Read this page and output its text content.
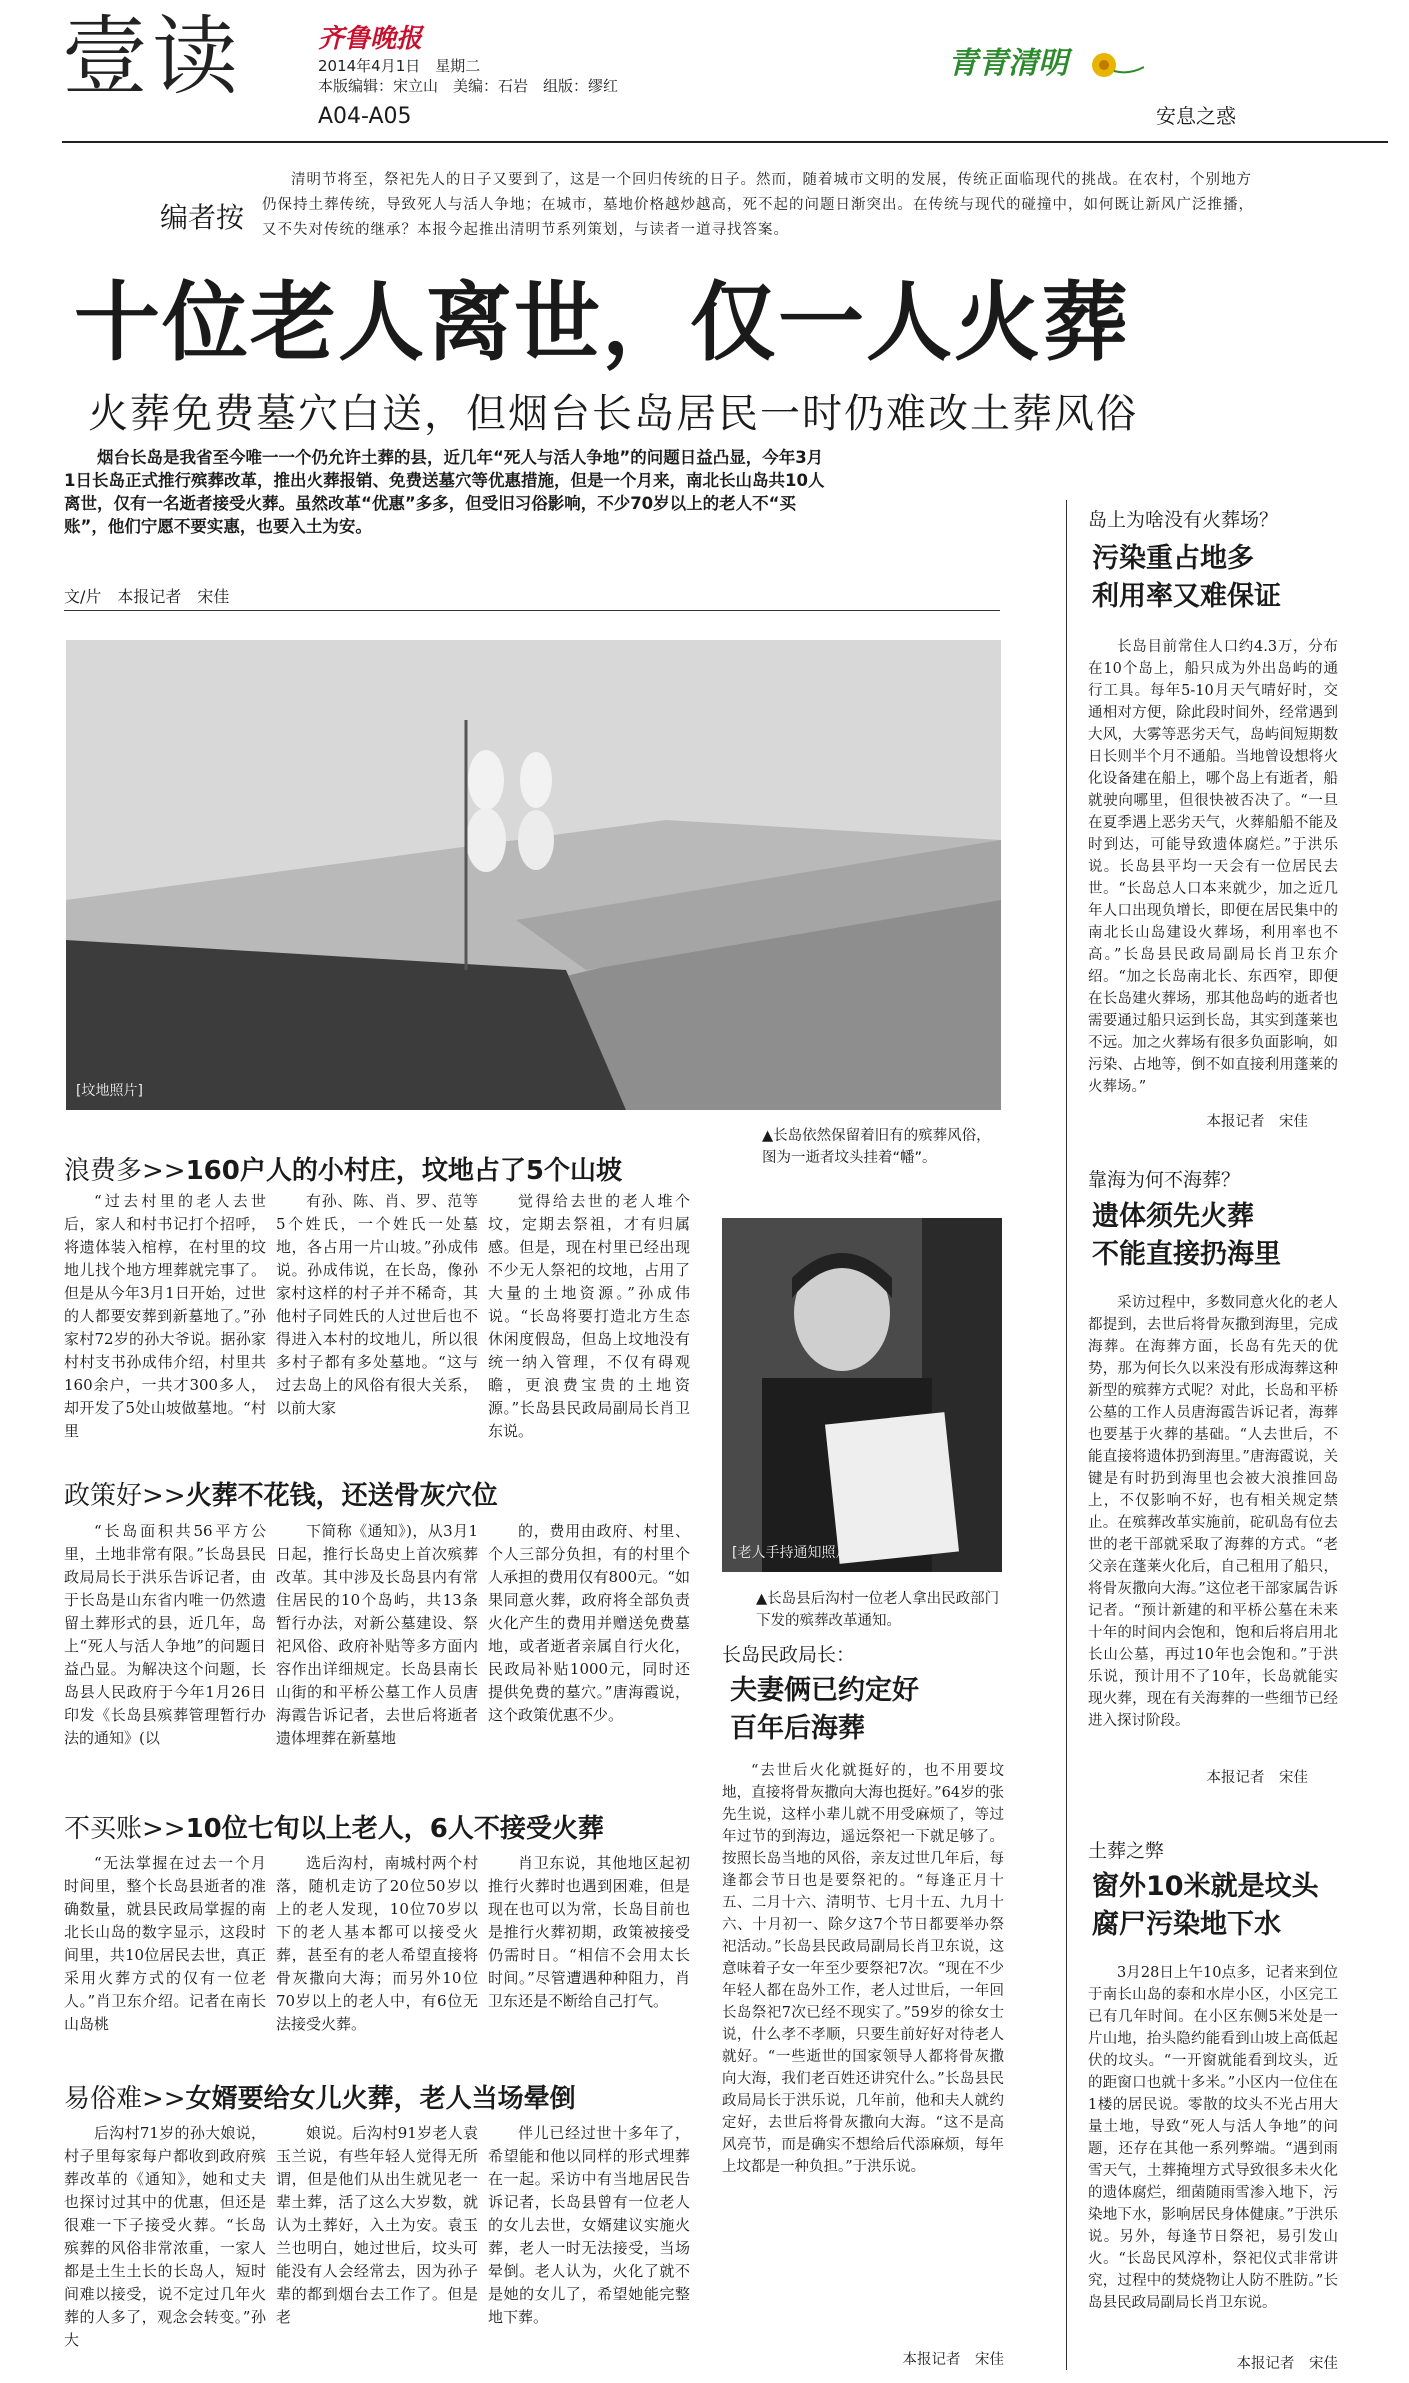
壹读	齐鲁晚报
2014年4月1日　星期二
本版编辑：宋立山　美编：石岩　组版：缪红
A04-A05
青青清明
安息之惑
编者按
清明节将至，祭祀先人的日子又要到了，这是一个回归传统的日子。然而，随着城市文明的发展，传统正面临现代的挑战。在农村，个别地方仍保持土葬传统，导致死人与活人争地；在城市，墓地价格越炒越高，死不起的问题日渐突出。在传统与现代的碰撞中，如何既让新风广泛推播，又不失对传统的继承？本报今起推出清明节系列策划，与读者一道寻找答案。
十位老人离世，仅一人火葬
火葬免费墓穴白送，但烟台长岛居民一时仍难改土葬风俗
烟台长岛是我省至今唯一一个仍允许土葬的县，近几年“死人与活人争地”的问题日益凸显，今年3月1日长岛正式推行殡葬改革，推出火葬报销、免费送墓穴等优惠措施，但是一个月来，南北长山岛共10人离世，仅有一名逝者接受火葬。虽然改革“优惠”多多，但受旧习俗影响，不少70岁以上的老人不“买账”，他们宁愿不要实惠，也要入土为安。
文/片　本报记者　宋佳
[坟地照片]
▲长岛依然保留着旧有的殡葬风俗，图为一逝者坟头挂着“幡”。
[老人手持通知照片]
▲长岛县后沟村一位老人拿出民政部门下发的殡葬改革通知。
浪费多>>160户人的小村庄，坟地占了5个山坡
“过去村里的老人去世后，家人和村书记打个招呼，将遗体装入棺椁，在村里的坟地儿找个地方埋葬就完事了。但是从今年3月1日开始，过世的人都要安葬到新墓地了。”孙家村72岁的孙大爷说。据孙家村村支书孙成伟介绍，村里共160余户，一共才300多人，却开发了5处山坡做墓地。“村里
有孙、陈、肖、罗、范等5个姓氏，一个姓氏一处墓地，各占用一片山坡。”孙成伟说。孙成伟说，在长岛，像孙家村这样的村子并不稀奇，其他村子同姓氏的人过世后也不得进入本村的坟地儿，所以很多村子都有多处墓地。“这与过去岛上的风俗有很大关系，以前大家
觉得给去世的老人堆个坟，定期去祭祖，才有归属感。但是，现在村里已经出现不少无人祭祀的坟地，占用了大量的土地资源。”孙成伟说。“长岛将要打造北方生态休闲度假岛，但岛上坟地没有统一纳入管理，不仅有碍观瞻，更浪费宝贵的土地资源。”长岛县民政局副局长肖卫东说。
政策好>>火葬不花钱，还送骨灰穴位
“长岛面积共56平方公里，土地非常有限。”长岛县民政局局长于洪乐告诉记者，由于长岛是山东省内唯一仍然遗留土葬形式的县，近几年，岛上“死人与活人争地”的问题日益凸显。为解决这个问题，长岛县人民政府于今年1月26日印发《长岛县殡葬管理暂行办法的通知》(以
下简称《通知》)，从3月1日起，推行长岛史上首次殡葬改革。其中涉及长岛县内有常住居民的10个岛屿，共13条暂行办法，对新公墓建设、祭祀风俗、政府补贴等多方面内容作出详细规定。长岛县南长山街的和平桥公墓工作人员唐海霞告诉记者，去世后将逝者遗体埋葬在新墓地
的，费用由政府、村里、个人三部分负担，有的村里个人承担的费用仅有800元。“如果同意火葬，政府将全部负责火化产生的费用并赠送免费墓地，或者逝者亲属自行火化，民政局补贴1000元，同时还提供免费的墓穴。”唐海霞说，这个政策优惠不少。
不买账>>10位七旬以上老人，6人不接受火葬
“无法掌握在过去一个月时间里，整个长岛县逝者的准确数量，就县民政局掌握的南北长山岛的数字显示，这段时间里，共10位居民去世，真正采用火葬方式的仅有一位老人。”肖卫东介绍。记者在南长山岛桃
选后沟村，南城村两个村落，随机走访了20位50岁以上的老人发现，10位70岁以下的老人基本都可以接受火葬，甚至有的老人希望直接将骨灰撒向大海；而另外10位70岁以上的老人中，有6位无法接受火葬。
肖卫东说，其他地区起初推行火葬时也遇到困难，但是现在也可以为常，长岛目前也是推行火葬初期，政策被接受仍需时日。“相信不会用太长时间。”尽管遭遇种种阻力，肖卫东还是不断给自己打气。
易俗难>>女婿要给女儿火葬，老人当场晕倒
后沟村71岁的孙大娘说，村子里每家每户都收到政府殡葬改革的《通知》，她和丈夫也探讨过其中的优惠，但还是很难一下子接受火葬。“长岛殡葬的风俗非常浓重，一家人都是土生土长的长岛人，短时间难以接受，说不定过几年火葬的人多了，观念会转变。”孙大
娘说。后沟村91岁老人袁玉兰说，有些年轻人觉得无所谓，但是他们从出生就见老一辈土葬，活了这么大岁数，就认为土葬好，入土为安。袁玉兰也明白，她过世后，坟头可能没有人会经常去，因为孙子辈的都到烟台去工作了。但是老
伴儿已经过世十多年了，希望能和他以同样的形式埋葬在一起。采访中有当地居民告诉记者，长岛县曾有一位老人的女儿去世，女婿建议实施火葬，老人一时无法接受，当场晕倒。老人认为，火化了就不是她的女儿了，希望她能完整地下葬。
长岛民政局长：
夫妻俩已约定好
百年后海葬
“去世后火化就挺好的，也不用要坟地，直接将骨灰撒向大海也挺好。”64岁的张先生说，这样小辈儿就不用受麻烦了，等过年过节的到海边，遥远祭祀一下就足够了。按照长岛当地的风俗，亲友过世几年后，每逢都会节日也是要祭祀的。“每逢正月十五、二月十六、清明节、七月十五、九月十六、十月初一、除夕这7个节日都要举办祭祀活动。”长岛县民政局副局长肖卫东说，这意味着子女一年至少要祭祀7次。“现在不少年轻人都在岛外工作，老人过世后，一年回长岛祭祀7次已经不现实了。”59岁的徐女士说，什么孝不孝顺，只要生前好好对待老人就好。“一些逝世的国家领导人都将骨灰撒向大海，我们老百姓还讲究什么。”长岛县民政局局长于洪乐说，几年前，他和夫人就约定好，去世后将骨灰撒向大海。“这不是高风亮节，而是确实不想给后代添麻烦，每年上坟都是一种负担。”于洪乐说。
本报记者　宋佳
岛上为啥没有火葬场？
污染重占地多
利用率又难保证
长岛目前常住人口约4.3万，分布在10个岛上，船只成为外出岛屿的通行工具。每年5-10月天气晴好时，交通相对方便，除此段时间外，经常遇到大风，大雾等恶劣天气，岛屿间短期数日长则半个月不通船。当地曾设想将火化设备建在船上，哪个岛上有逝者，船就驶向哪里，但很快被否决了。“一旦在夏季遇上恶劣天气，火葬船船不能及时到达，可能导致遗体腐烂。”于洪乐说。长岛县平均一天会有一位居民去世。“长岛总人口本来就少，加之近几年人口出现负增长，即便在居民集中的南北长山岛建设火葬场，利用率也不高。”长岛县民政局副局长肖卫东介绍。“加之长岛南北长、东西窄，即便在长岛建火葬场，那其他岛屿的逝者也需要通过船只运到长岛，其实到蓬莱也不远。加之火葬场有很多负面影响，如污染、占地等，倒不如直接利用蓬莱的火葬场。”
本报记者　宋佳
靠海为何不海葬？
遗体须先火葬
不能直接扔海里
采访过程中，多数同意火化的老人都提到，去世后将骨灰撒到海里，完成海葬。在海葬方面，长岛有先天的优势，那为何长久以来没有形成海葬这种新型的殡葬方式呢？对此，长岛和平桥公墓的工作人员唐海霞告诉记者，海葬也要基于火葬的基础。“人去世后，不能直接将遗体扔到海里。”唐海霞说，关键是有时扔到海里也会被大浪推回岛上，不仅影响不好，也有相关规定禁止。在殡葬改革实施前，砣矶岛有位去世的老干部就采取了海葬的方式。“老父亲在蓬莱火化后，自己租用了船只，将骨灰撒向大海。”这位老干部家属告诉记者。“预计新建的和平桥公墓在未来十年的时间内会饱和，饱和后将启用北长山公墓，再过10年也会饱和。”于洪乐说，预计用不了10年，长岛就能实现火葬，现在有关海葬的一些细节已经进入探讨阶段。
本报记者　宋佳
土葬之弊
窗外10米就是坟头
腐尸污染地下水
3月28日上午10点多，记者来到位于南长山岛的泰和水岸小区，小区完工已有几年时间。在小区东侧5米处是一片山地，抬头隐约能看到山坡上高低起伏的坟头。“一开窗就能看到坟头，近的距窗口也就十多米。”小区内一位住在1楼的居民说。零散的坟头不光占用大量土地，导致“死人与活人争地”的问题，还存在其他一系列弊端。“遇到雨雪天气，土葬掩埋方式导致很多未火化的遗体腐烂，细菌随雨雪渗入地下，污染地下水，影响居民身体健康。”于洪乐说。另外，每逢节日祭祀，易引发山火。“长岛民风淳朴，祭祀仪式非常讲究，过程中的焚烧物让人防不胜防。”长岛县民政局副局长肖卫东说。
本报记者　宋佳
